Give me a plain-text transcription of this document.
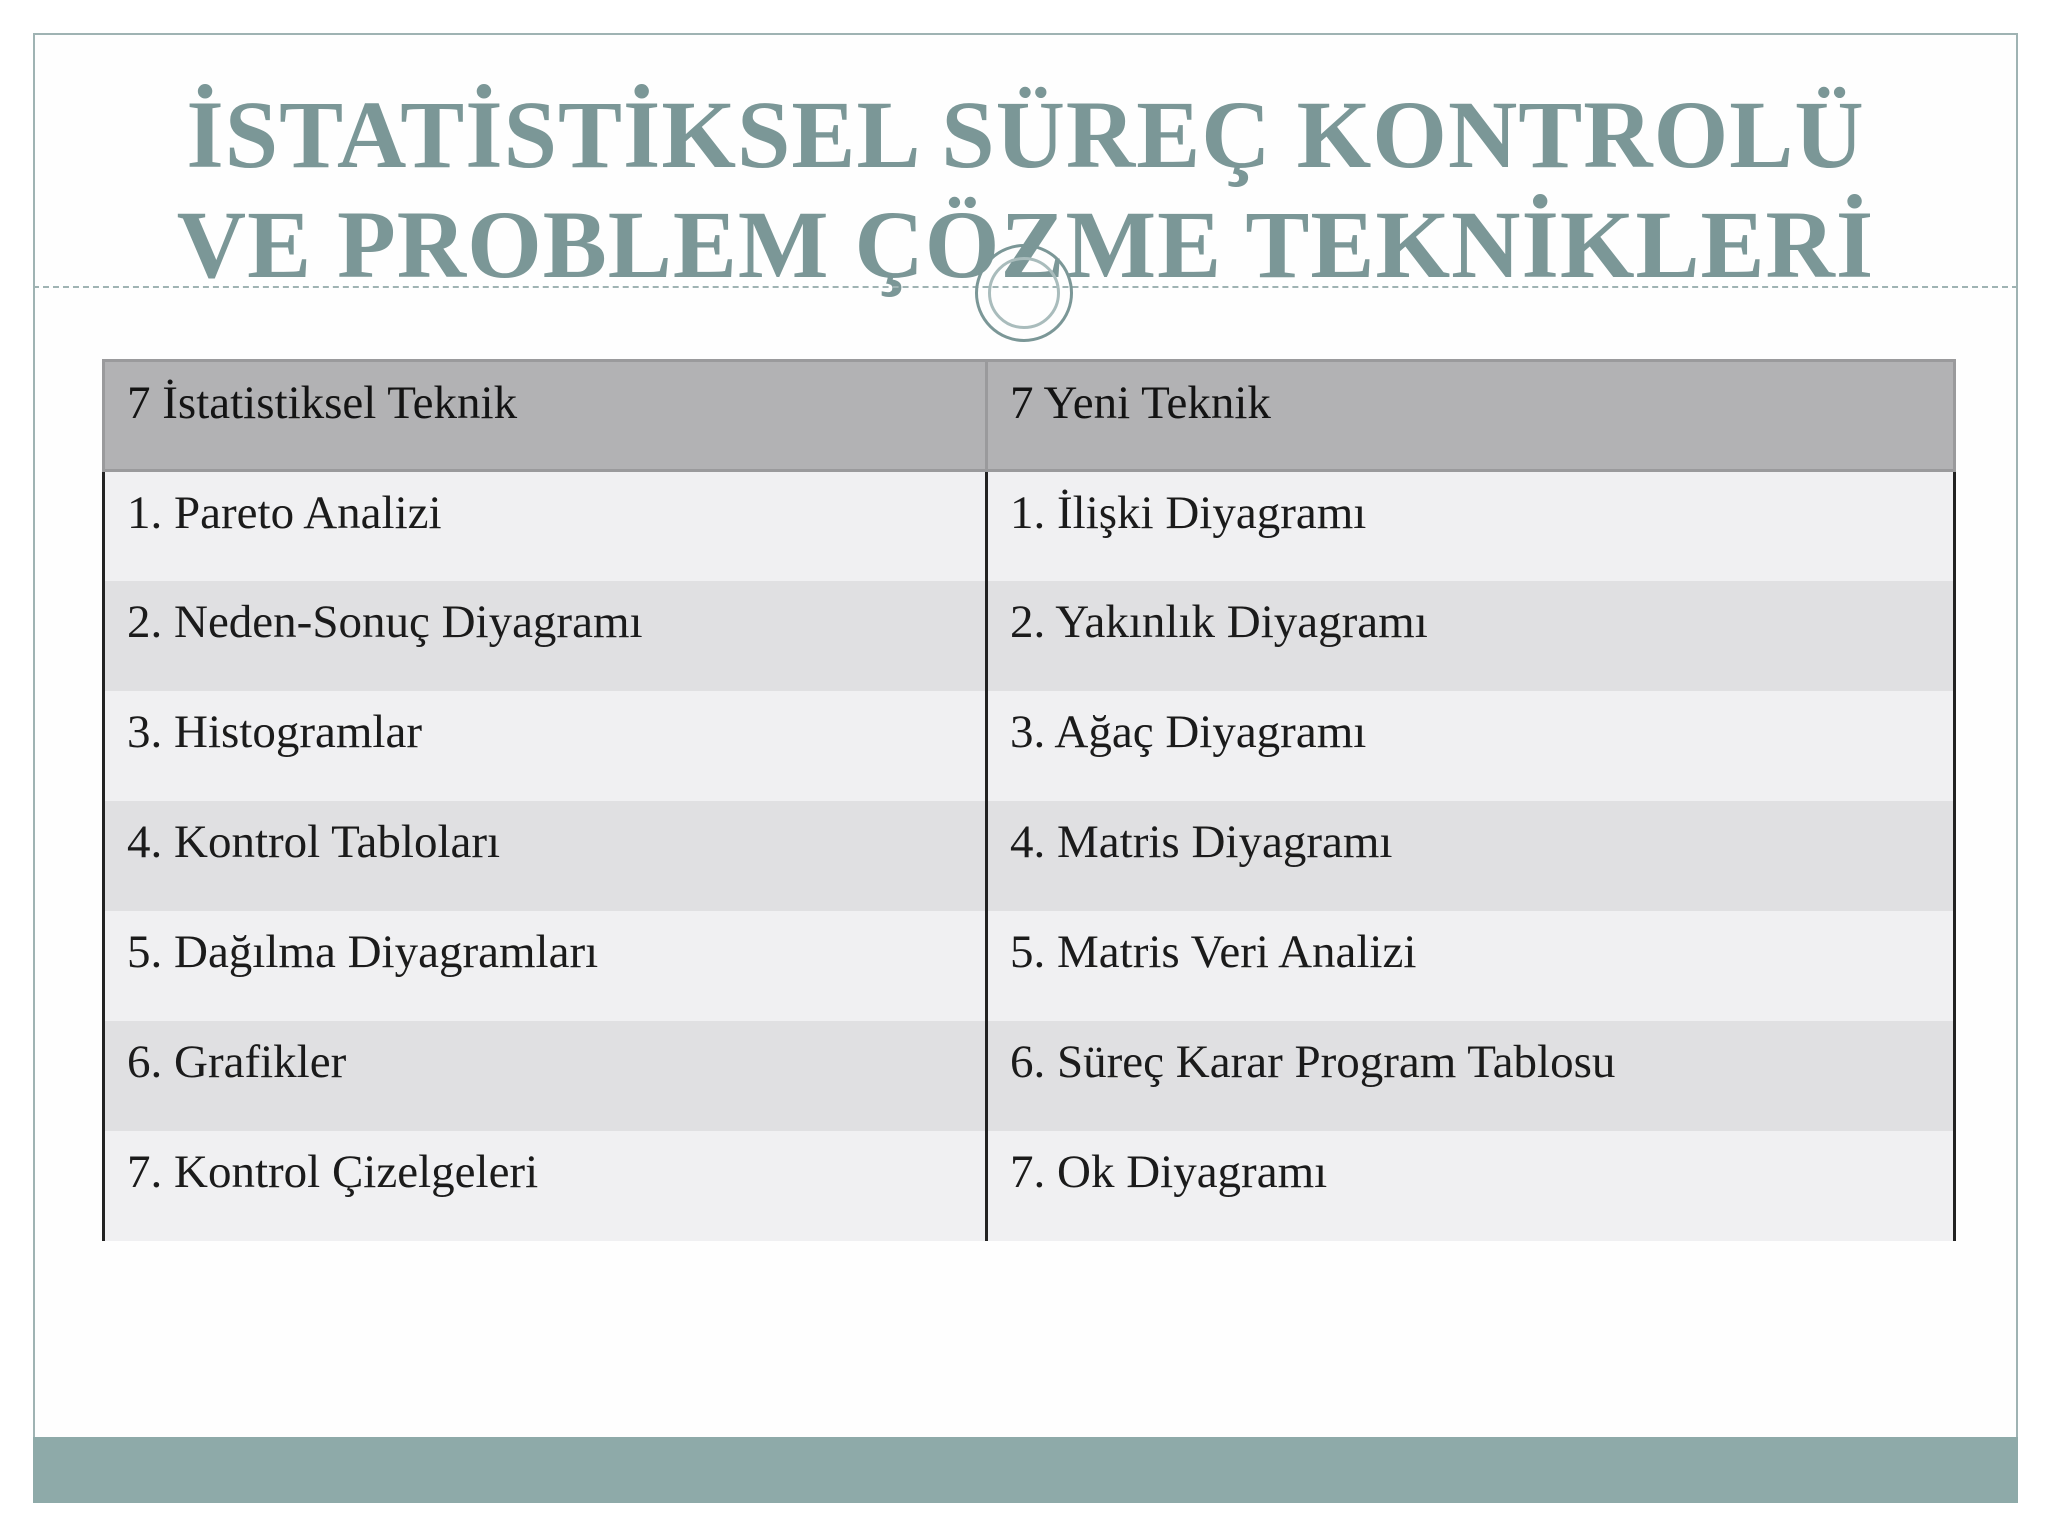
İSTATİSTİKSEL SÜREÇ KONTROLÜ
VE PROBLEM ÇÖZME TEKNİKLERİ
7 İstatistiksel Teknik	7 Yeni Teknik
1. Pareto Analizi	1. İlişki Diyagramı
2. Neden-Sonuç Diyagramı	2. Yakınlık Diyagramı
3. Histogramlar	3. Ağaç Diyagramı
4. Kontrol Tabloları	4. Matris Diyagramı
5. Dağılma Diyagramları	5. Matris Veri Analizi
6. Grafikler	6. Süreç Karar Program Tablosu
7. Kontrol Çizelgeleri	7. Ok Diyagramı
